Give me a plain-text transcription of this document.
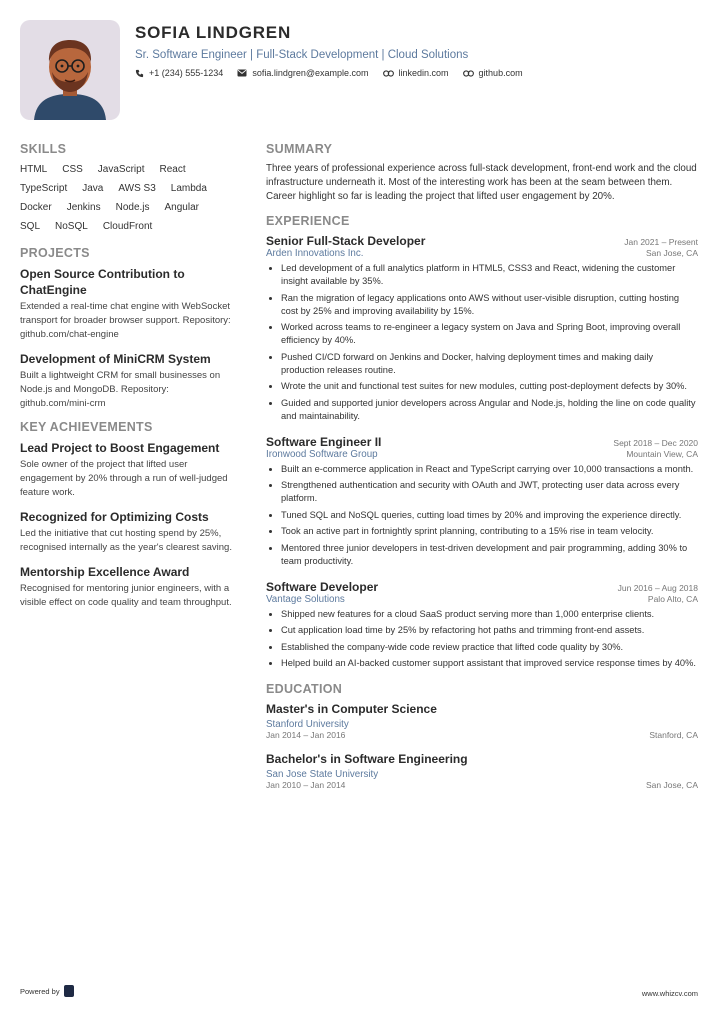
SOFIA LINDGREN
Sr. Software Engineer | Full-Stack Development | Cloud Solutions
+1 (234) 555-1234	sofia.lindgren@example.com	linkedin.com	github.com
SKILLS
HTML CSS JavaScript React
TypeScript Java AWS S3 Lambda
Docker Jenkins Node.js Angular
SQL NoSQL CloudFront
PROJECTS
Open Source Contribution to ChatEngine
Extended a real-time chat engine with WebSocket transport for broader browser support. Repository: github.com/chat-engine
Development of MiniCRM System
Built a lightweight CRM for small businesses on Node.js and MongoDB. Repository: github.com/mini-crm
KEY ACHIEVEMENTS
Lead Project to Boost Engagement
Sole owner of the project that lifted user engagement by 20% through a run of well-judged feature work.
Recognized for Optimizing Costs
Led the initiative that cut hosting spend by 25%, recognised internally as the year's clearest saving.
Mentorship Excellence Award
Recognised for mentoring junior engineers, with a visible effect on code quality and team throughput.
SUMMARY

Three years of professional experience across full-stack development, front-end work and the cloud infrastructure underneath it. Most of the interesting work has been at the seam between them. Career highlight so far is leading the project that lifted user engagement by 20%.

EXPERIENCE
Senior Full-Stack Developer	Jan 2021 – Present
Arden Innovations Inc.	San Jose, CA
• Led development of a full analytics platform in HTML5, CSS3 and React, widening the customer insight available by 35%.
• Ran the migration of legacy applications onto AWS without user-visible disruption, cutting hosting cost by 25% and improving availability by 15%.
• Worked across teams to re-engineer a legacy system on Java and Spring Boot, improving overall efficiency by 40%.
• Pushed CI/CD forward on Jenkins and Docker, halving deployment times and making daily production releases routine.
• Wrote the unit and functional test suites for new modules, cutting post-deployment defects by 30%.
• Guided and supported junior developers across Angular and Node.js, holding the line on code quality and maintainability.
Software Engineer II	Sept 2018 – Dec 2020
Ironwood Software Group	Mountain View, CA
• Built an e-commerce application in React and TypeScript carrying over 10,000 transactions a month.
• Strengthened authentication and security with OAuth and JWT, protecting user data across every platform.
• Tuned SQL and NoSQL queries, cutting load times by 20% and improving the experience directly.
• Took an active part in fortnightly sprint planning, contributing to a 15% rise in team velocity.
• Mentored three junior developers in test-driven development and pair programming, adding 30% to team productivity.
Software Developer	Jun 2016 – Aug 2018
Vantage Solutions	Palo Alto, CA
• Shipped new features for a cloud SaaS product serving more than 1,000 enterprise clients.
• Cut application load time by 25% by refactoring hot paths and trimming front-end assets.
• Established the company-wide code review practice that lifted code quality by 30%.
• Helped build an AI-backed customer support assistant that improved service response times by 40%.
EDUCATION
Master's in Computer Science
Stanford University
Jan 2014 – Jan 2016	Stanford, CA
Bachelor's in Software Engineering
San Jose State University
Jan 2010 – Jan 2014	San Jose, CA
Powered by	www.whizcv.com
